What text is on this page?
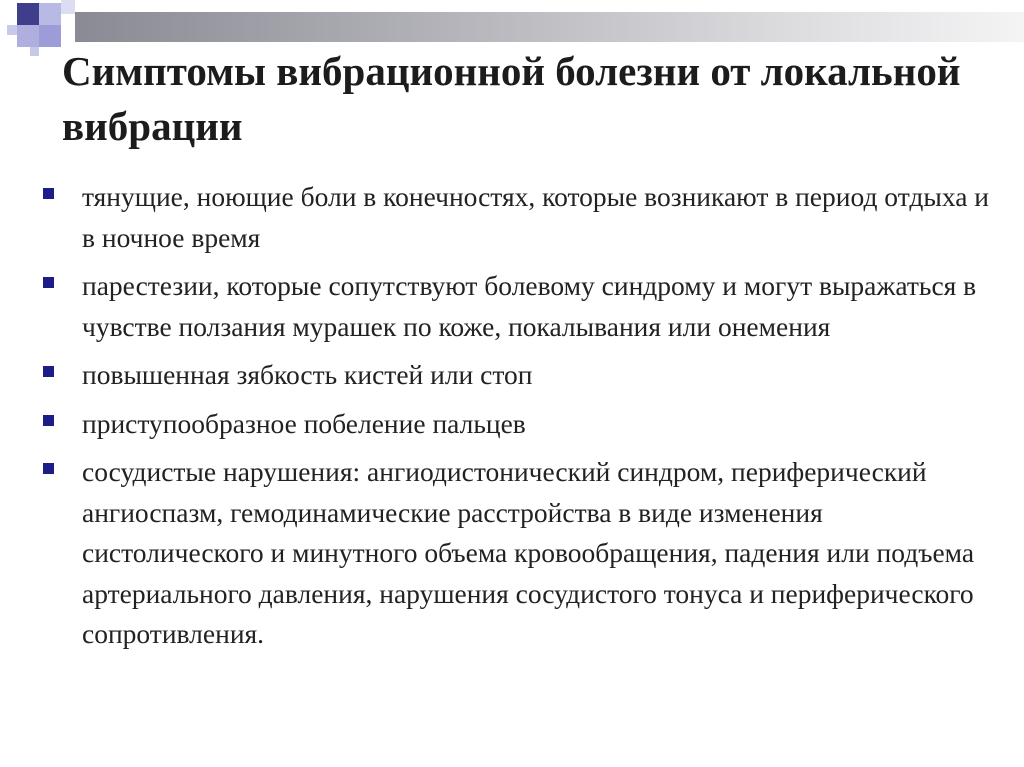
Симптомы вибрационной болезни от локальной вибрации
тянущие, ноющие боли в конечностях, которые возникают в период отдыха и в ночное время
парестезии, которые сопутствуют болевому синдрому и могут выражаться в чувстве ползания мурашек по коже, покалывания или онемения
повышенная зябкость кистей или стоп
приступообразное побеление пальцев
сосудистые нарушения: ангиодистонический синдром, периферический ангиоспазм, гемодинамические расстройства в виде изменения систолического и минутного объема кровообращения, падения или подъема артериального давления, нарушения сосудистого тонуса и периферического сопротивления.
